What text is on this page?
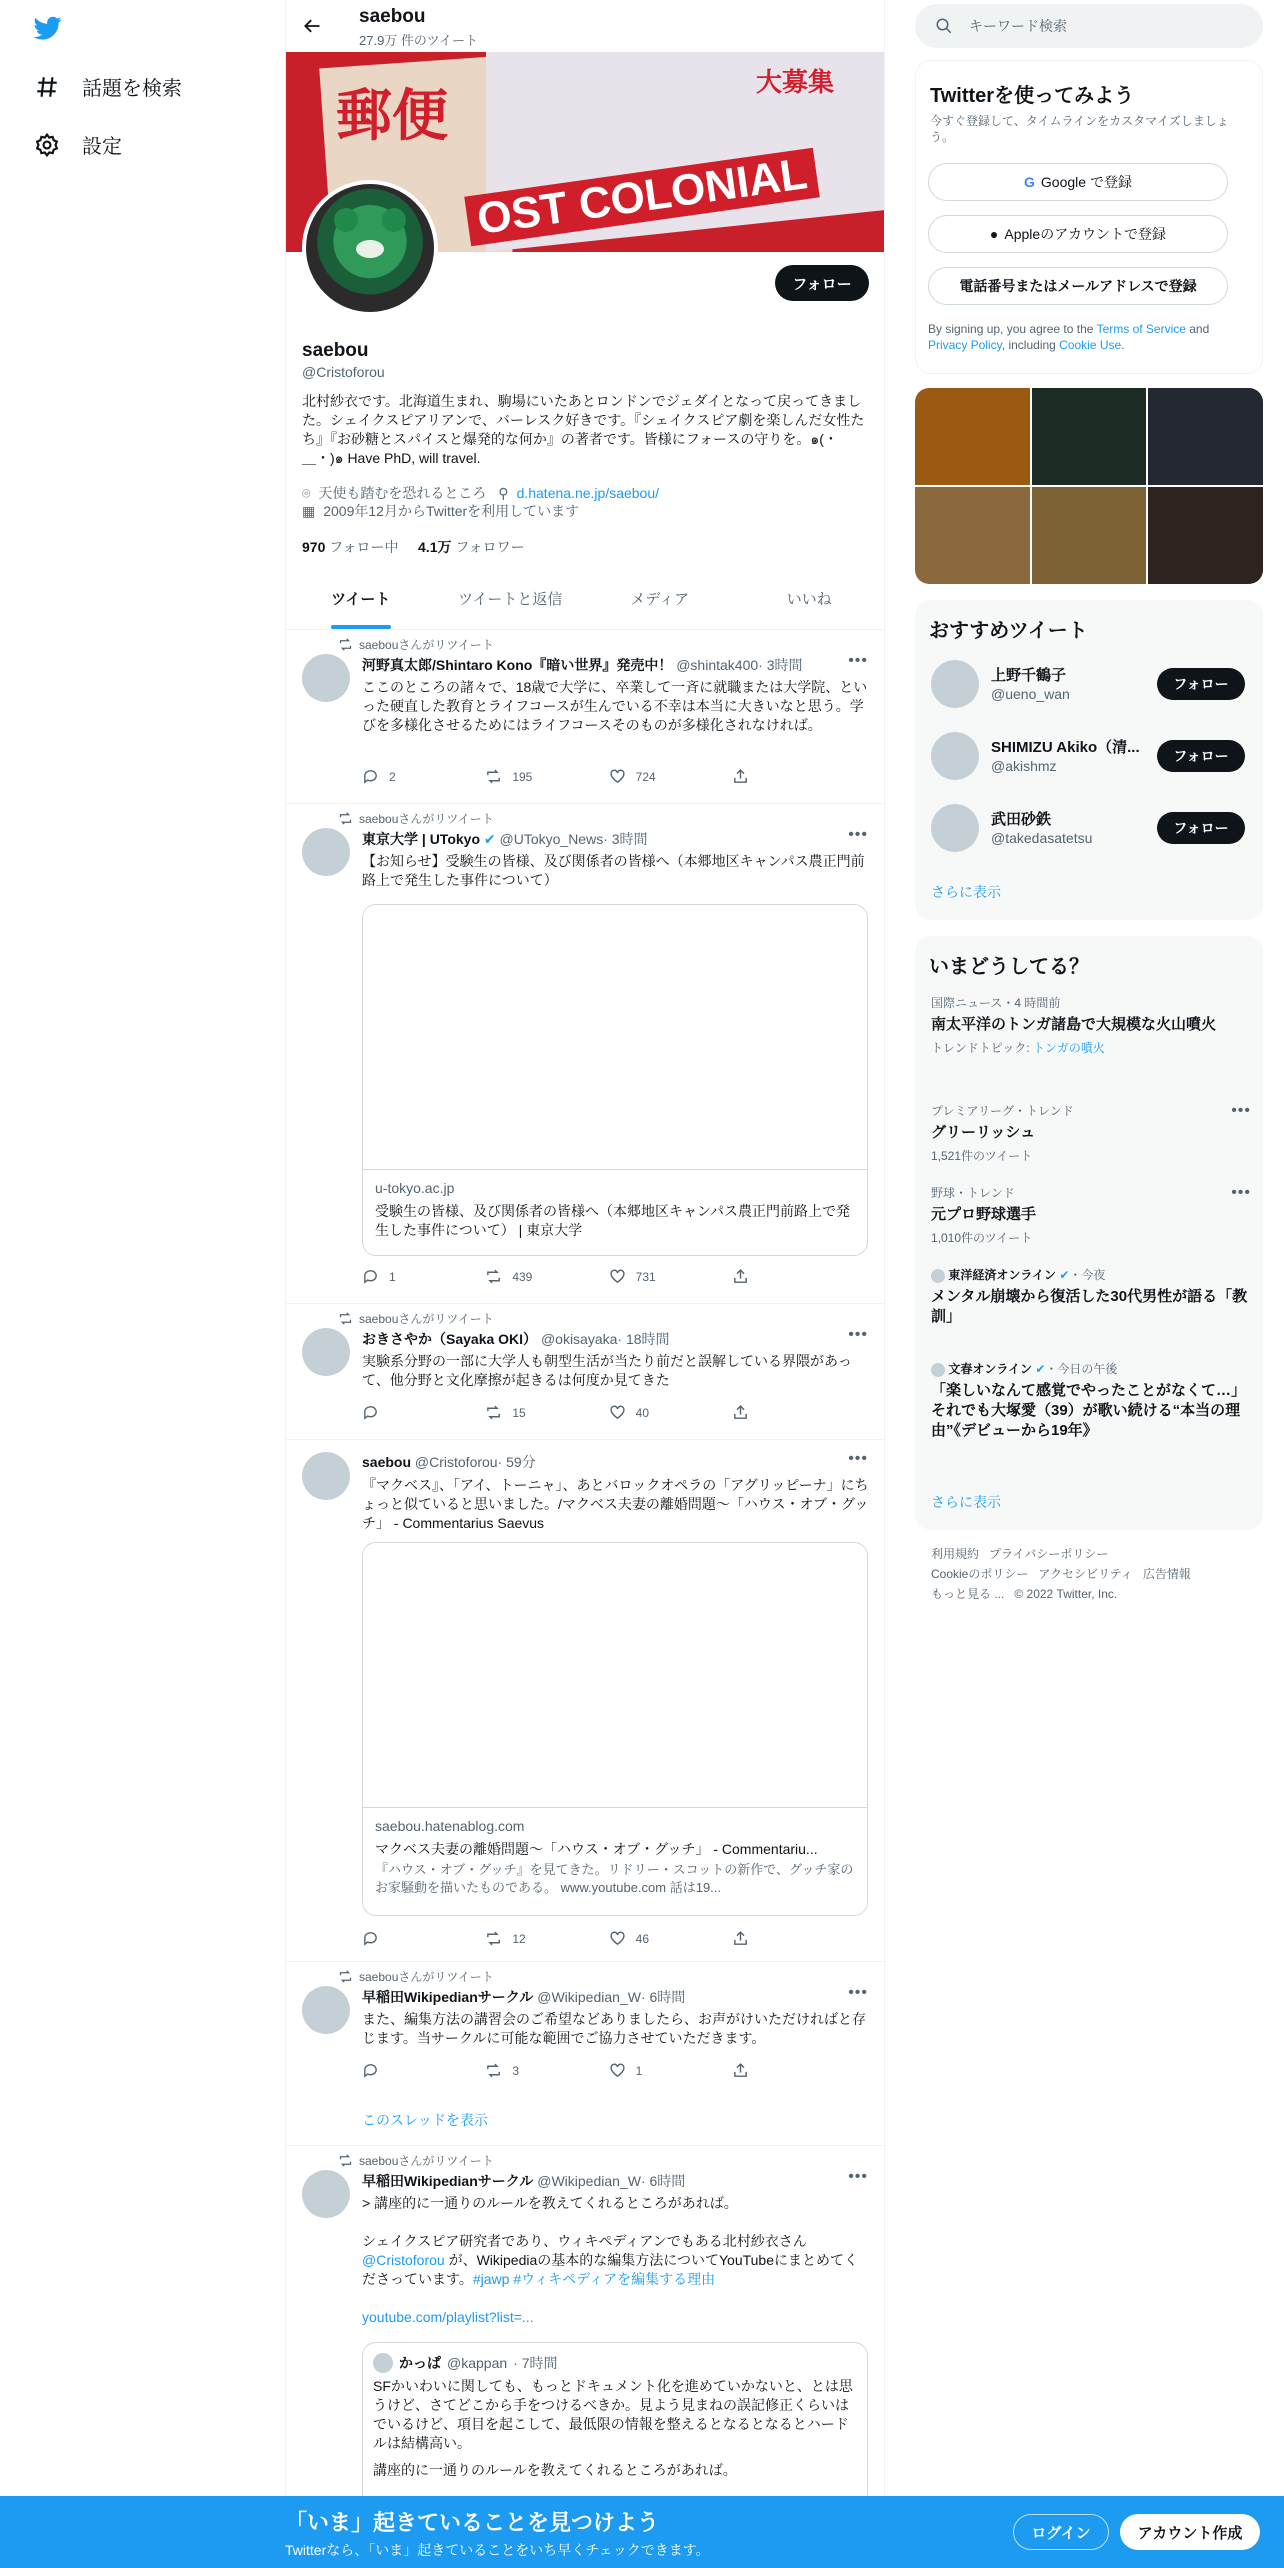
話題を検索
設定
saebou
27.9万 件のツイート
郵便
OST COLONIAL
大募集
フォロー
saebou
@Cristoforou
北村紗衣です。北海道生まれ、駒場にいたあとロンドンでジェダイとなって戻ってきました。シェイクスピアリアンで、バーレスク好きです。『シェイクスピア劇を楽しんだ女性たち』『お砂糖とスパイスと爆発的な何か』の著者です。皆様にフォースの守りを。๑(・＿・)๑ Have PhD, will travel.
⌾ 天使も踏むを恐れるところ ⚲ d.hatena.ne.jp/saebou/
▦ 2009年12月からTwitterを利用しています
970 フォロー中 4.1万 フォロワー
ツイート	ツイートと返信	メディア	いいね
saebouさんがリツイート
河野真太郎/Shintaro Kono『暗い世界』発売中！ @shintak400· 3時間	•••
ここのところの諸々で、18歳で大学に、卒業して一斉に就職または大学院、といった硬直した教育とライフコースが生んでいる不幸は本当に大きいなと思う。学びを多様化させるためにはライフコースそのものが多様化されなければ。
2	195	724
saebouさんがリツイート
東京大学 | UTokyo ✔ @UTokyo_News· 3時間	•••
【お知らせ】受験生の皆様、及び関係者の皆様へ（本郷地区キャンパス農正門前路上で発生した事件について）
u-tokyo.ac.jp
受験生の皆様、及び関係者の皆様へ（本郷地区キャンパス農正門前路上で発生した事件について） | 東京大学
1	439	731
saebouさんがリツイート
おきさやか（Sayaka OKI） @okisayaka· 18時間	•••
実験系分野の一部に大学人も朝型生活が当たり前だと誤解している界隈があって、他分野と文化摩擦が起きるは何度か見てきた
15	40
saebou @Cristoforou· 59分	•••
『マクベス』、「アイ、トーニャ」、あとバロックオペラの「アグリッピーナ」にちょっと似ていると思いました。/マクベス夫妻の離婚問題～「ハウス・オブ・グッチ」 - Commentarius Saevus
saebou.hatenablog.com
マクベス夫妻の離婚問題～「ハウス・オブ・グッチ」 - Commentariu...
『ハウス・オブ・グッチ』を見てきた。リドリー・スコットの新作で、グッチ家のお家騒動を描いたものである。 www.youtube.com 話は19...
12	46
saebouさんがリツイート
早稲田Wikipedianサークル @Wikipedian_W· 6時間	•••
また、編集方法の講習会のご希望などありましたら、お声がけいただければと存じます。当サークルに可能な範囲でご協力させていただきます。
3	1
このスレッドを表示
saebouさんがリツイート
早稲田Wikipedianサークル @Wikipedian_W· 6時間	•••
> 講座的に一通りのルールを教えてくれるところがあれば。
シェイクスピア研究者であり、ウィキペディアンでもある北村紗衣さん @Cristoforou が、Wikipediaの基本的な編集方法についてYouTubeにまとめてくださっています。#jawp #ウィキペディアを編集する理由
youtube.com/playlist?list=...
かっぱ @kappan · 7時間
SFかいわいに関しても、もっとドキュメント化を進めていかないと、とは思うけど、さてどこから手をつけるべきか。見よう見まねの誤記修正くらいはでいるけど、項目を起こして、最低限の情報を整えるとなるとなるとハードルは結構高い。
講座的に一通りのルールを教えてくれるところがあれば。
キーワード検索
Twitterを使ってみよう
今すぐ登録して、タイムラインをカスタマイズしましょう。
G Google で登録
● Appleのアカウントで登録
電話番号またはメールアドレスで登録
By signing up, you agree to the Terms of Service and Privacy Policy, including Cookie Use.
おすすめツイート
上野千鶴子
@ueno_wan
フォロー
SHIMIZU Akiko（清...
@akishmz
フォロー
武田砂鉄
@takedasatetsu
フォロー
さらに表示
いまどうしてる？
国際ニュース・4 時間前
南太平洋のトンガ諸島で大規模な火山噴火
トレンドトピック: トンガの噴火
プレミアリーグ・トレンド
グリーリッシュ
1,521件のツイート
•••
野球・トレンド
元プロ野球選手
1,010件のツイート
•••
東洋経済オンライン ✔・今夜
メンタル崩壊から復活した30代男性が語る「教訓」
文春オンライン ✔・今日の午後
「楽しいなんて感覚でやったことがなくて…」それでも大塚愛（39）が歌い続ける“本当の理由”《デビューから19年》
さらに表示
利用規約 プライバシーポリシー
Cookieのポリシー アクセシビリティ 広告情報
もっと見る ... © 2022 Twitter, Inc.
「いま」起きていることを見つけよう
Twitterなら、「いま」起きていることをいち早くチェックできます。
ログイン	アカウント作成
